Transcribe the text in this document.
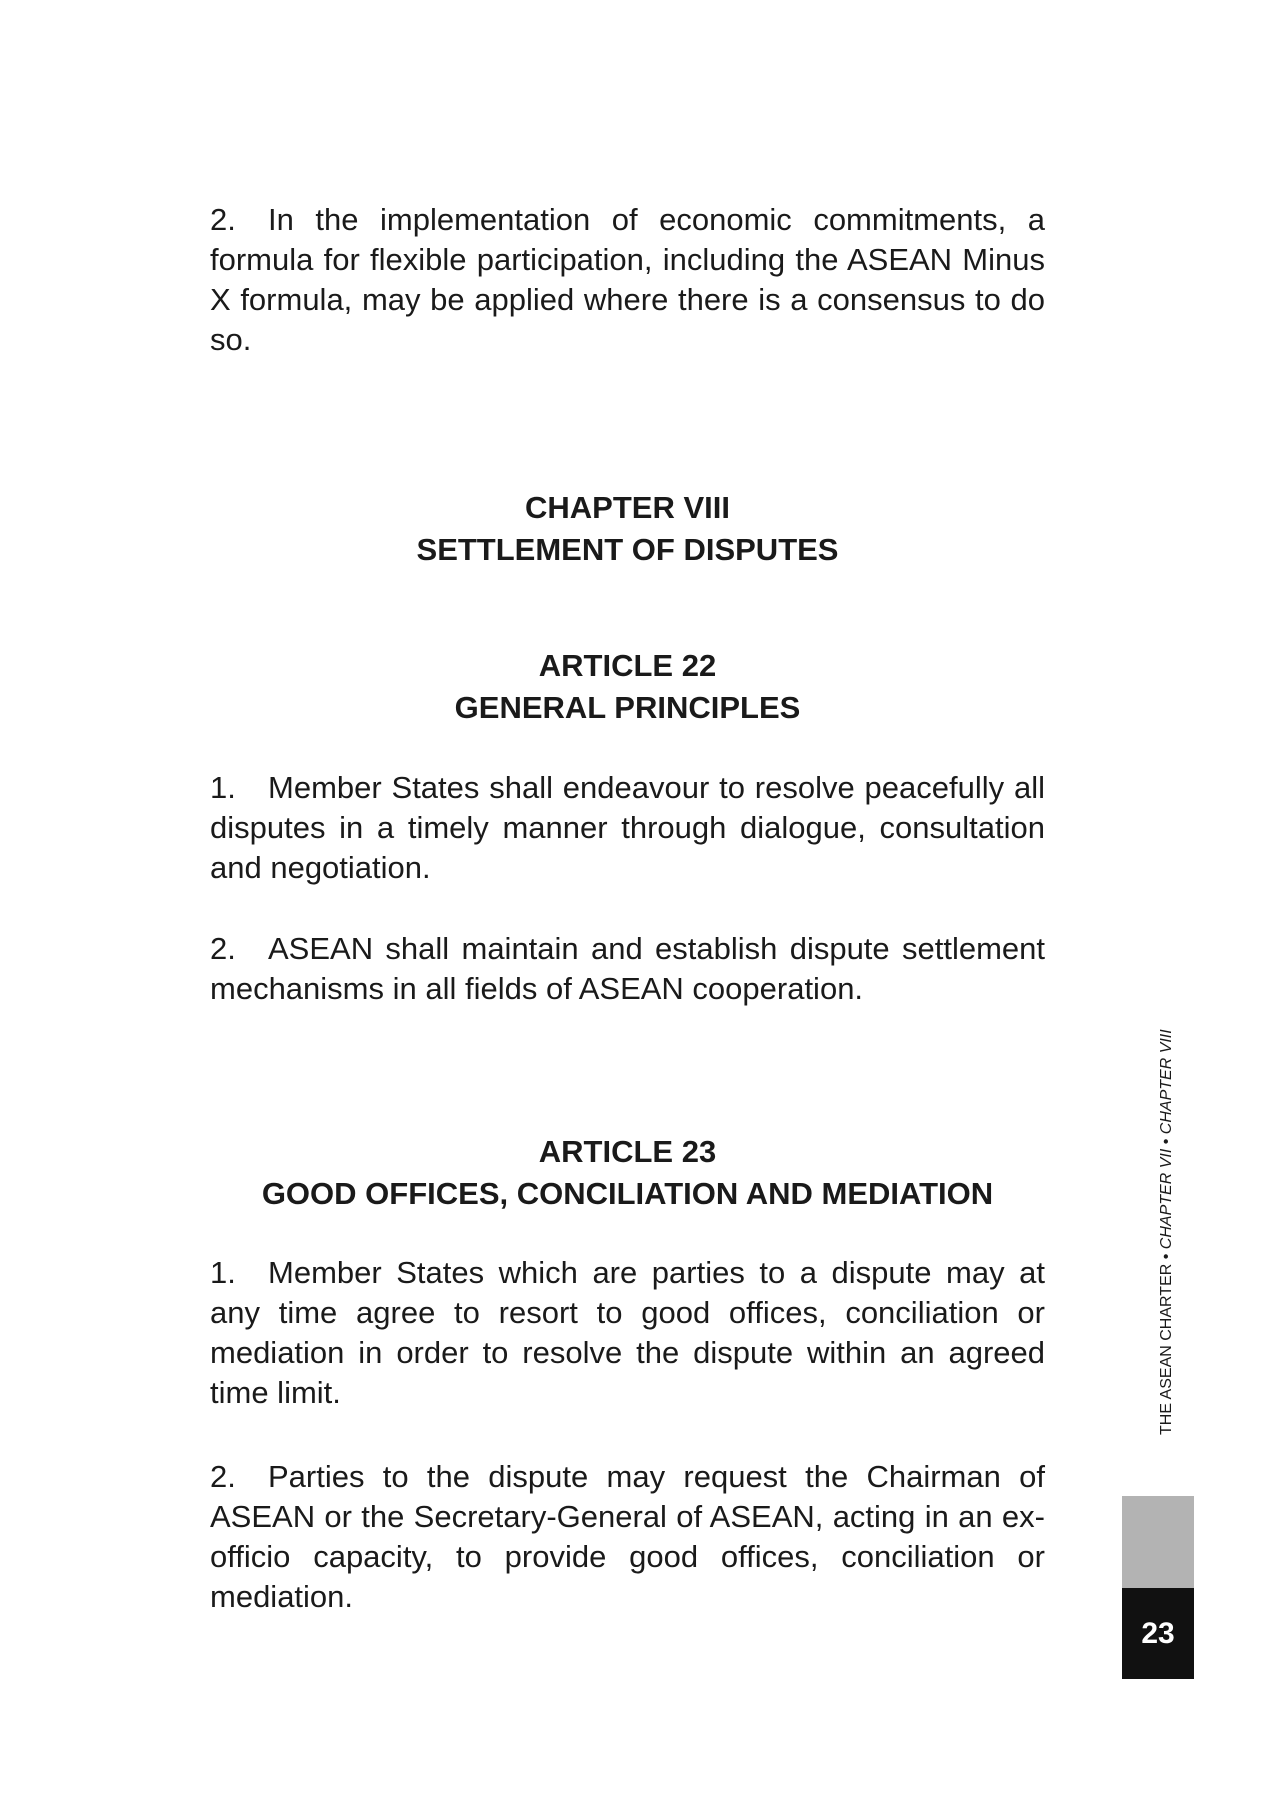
2. In the implementation of economic commitments, a formula for flexible participation, including the ASEAN Minus X formula, may be applied where there is a consensus to do so.

CHAPTER VIII
SETTLEMENT OF DISPUTES
ARTICLE 22
GENERAL PRINCIPLES

1. Member States shall endeavour to resolve peacefully all disputes in a timely manner through dialogue, consultation and negotiation.

2. ASEAN shall maintain and establish dispute settlement mechanisms in all fields of ASEAN cooperation.

ARTICLE 23
GOOD OFFICES, CONCILIATION AND MEDIATION

1. Member States which are parties to a dispute may at any time agree to resort to good offices, conciliation or mediation in order to resolve the dispute within an agreed time limit.

2. Parties to the dispute may request the Chairman of ASEAN or the Secretary-General of ASEAN, acting in an ex-officio capacity, to provide good offices, conciliation or mediation.

THE ASEAN CHARTER • CHAPTER VII • CHAPTER VIII
23
